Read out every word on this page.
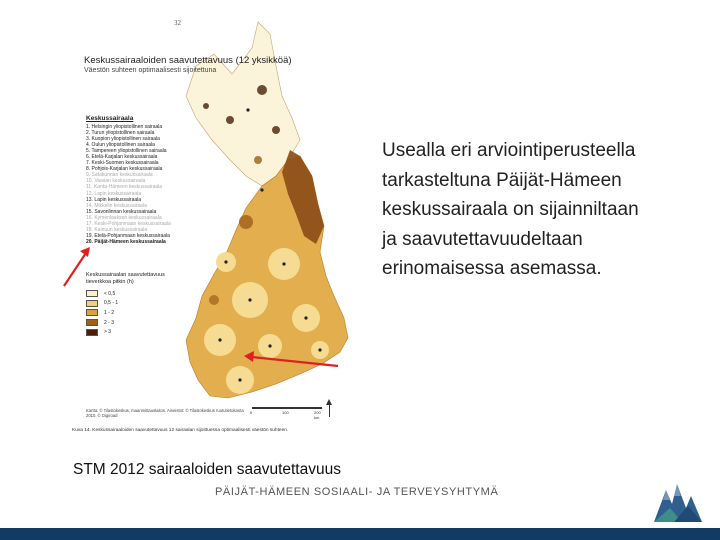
32
Keskussairaaloiden saavutettavuus (12 yksikköä)
Väestön suhteen optimaalisesti sijoitettuna
Keskussairaala
1. Helsingin yliopistollinen sairaala
2. Turun yliopistollinen sairaala
3. Kuopion yliopistollinen sairaala
4. Oulun yliopistollinen sairaala
5. Tampereen yliopistollinen sairaala
6. Etelä-Karjalan keskussairaala
7. Keski-Suomen keskussairaala
8. Pohjois-Karjalan keskussairaala
9. Satakunnan keskussairaala
10. Vaasan keskussairaala
11. Kanta-Hämeen keskussairaala
12. Lapin keskussairaala
13. Lapin keskussairaala
14. Mikkelin keskussairaala
15. Savonlinnan keskussairaala
16. Kymenlaakson keskussairaala
17. Keski-Pohjanmaan keskussairaala
18. Kainuun keskussairaala
19. Etelä-Pohjanmaan keskussairaala
20. Päijät-Hämeen keskussairaala
Keskussairaalan saavutettavuus tieverkkoa pitkin (h)
< 0,5
0,5 - 1
1 - 2
2 - 3
> 3
Kartta: © Tilastokeskus, maanmittauslaitos. Aineistot: © Tilastokeskus ruututietokanta 2010, © Digiroad
0	100	200 km
Kuva 14. Keskussairaaloiden saavutettavuus 12 sairaalan sijoittuessa optimaalisesti väestön suhteen.
Usealla eri arviointiperusteella
tarkasteltuna Päijät-Hämeen
keskussairaala on sijainniltaan
ja saavutettavuudeltaan
erinomaisessa asemassa.
STM 2012 sairaaloiden saavutettavuus
PÄIJÄT-HÄMEEN SOSIAALI- JA TERVEYSYHTYMÄ
